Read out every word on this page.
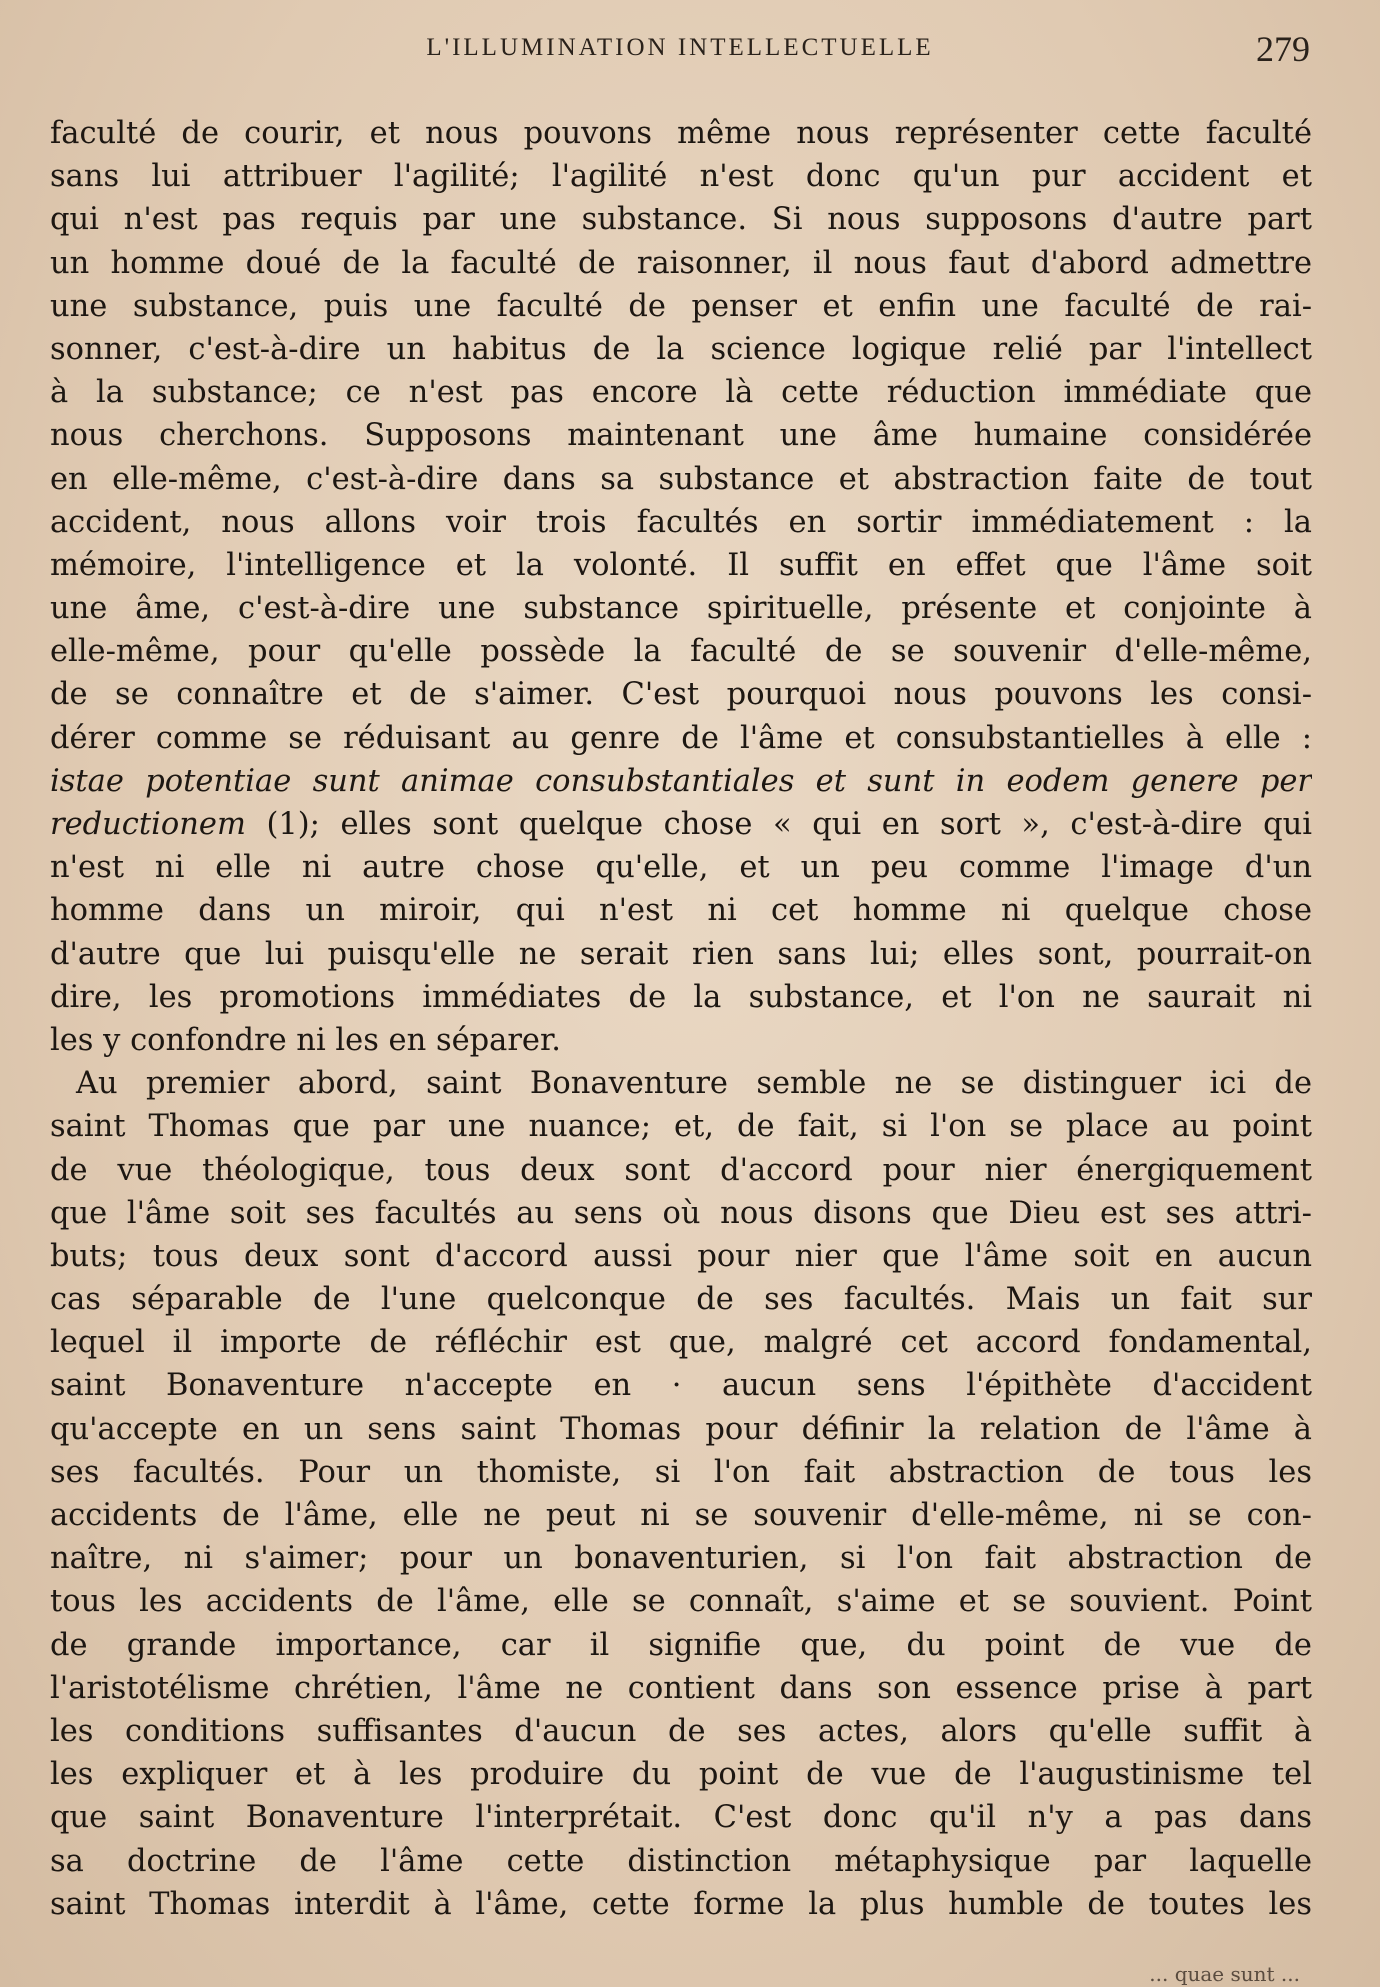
L'ILLUMINATION INTELLECTUELLE	279
faculté de courir, et nous pouvons même nous représenter cette faculté
sans lui attribuer l'agilité; l'agilité n'est donc qu'un pur accident et
qui n'est pas requis par une substance. Si nous supposons d'autre part
un homme doué de la faculté de raisonner, il nous faut d'abord admettre
une substance, puis une faculté de penser et enfin une faculté de rai-
sonner, c'est-à-dire un habitus de la science logique relié par l'intellect
à la substance; ce n'est pas encore là cette réduction immédiate que
nous cherchons. Supposons maintenant une âme humaine considérée
en elle-même, c'est-à-dire dans sa substance et abstraction faite de tout
accident, nous allons voir trois facultés en sortir immédiatement : la
mémoire, l'intelligence et la volonté. Il suffit en effet que l'âme soit
une âme, c'est-à-dire une substance spirituelle, présente et conjointe à
elle-même, pour qu'elle possède la faculté de se souvenir d'elle-même,
de se connaître et de s'aimer. C'est pourquoi nous pouvons les consi-
dérer comme se réduisant au genre de l'âme et consubstantielles à elle :
istae potentiae sunt animae consubstantiales et sunt in eodem genere per
reductionem (1); elles sont quelque chose « qui en sort », c'est-à-dire qui
n'est ni elle ni autre chose qu'elle, et un peu comme l'image d'un
homme dans un miroir, qui n'est ni cet homme ni quelque chose
d'autre que lui puisqu'elle ne serait rien sans lui; elles sont, pourrait-on
dire, les promotions immédiates de la substance, et l'on ne saurait ni
les y confondre ni les en séparer.
Au premier abord, saint Bonaventure semble ne se distinguer ici de
saint Thomas que par une nuance; et, de fait, si l'on se place au point
de vue théologique, tous deux sont d'accord pour nier énergiquement
que l'âme soit ses facultés au sens où nous disons que Dieu est ses attri-
buts; tous deux sont d'accord aussi pour nier que l'âme soit en aucun
cas séparable de l'une quelconque de ses facultés. Mais un fait sur
lequel il importe de réfléchir est que, malgré cet accord fondamental,
saint Bonaventure n'accepte en · aucun sens l'épithète d'accident
qu'accepte en un sens saint Thomas pour définir la relation de l'âme à
ses facultés. Pour un thomiste, si l'on fait abstraction de tous les
accidents de l'âme, elle ne peut ni se souvenir d'elle-même, ni se con-
naître, ni s'aimer; pour un bonaventurien, si l'on fait abstraction de
tous les accidents de l'âme, elle se connaît, s'aime et se souvient. Point
de grande importance, car il signifie que, du point de vue de
l'aristotélisme chrétien, l'âme ne contient dans son essence prise à part
les conditions suffisantes d'aucun de ses actes, alors qu'elle suffit à
les expliquer et à les produire du point de vue de l'augustinisme tel
que saint Bonaventure l'interprétait. C'est donc qu'il n'y a pas dans
sa doctrine de l'âme cette distinction métaphysique par laquelle
saint Thomas interdit à l'âme, cette forme la plus humble de toutes les
... quae sunt ...
